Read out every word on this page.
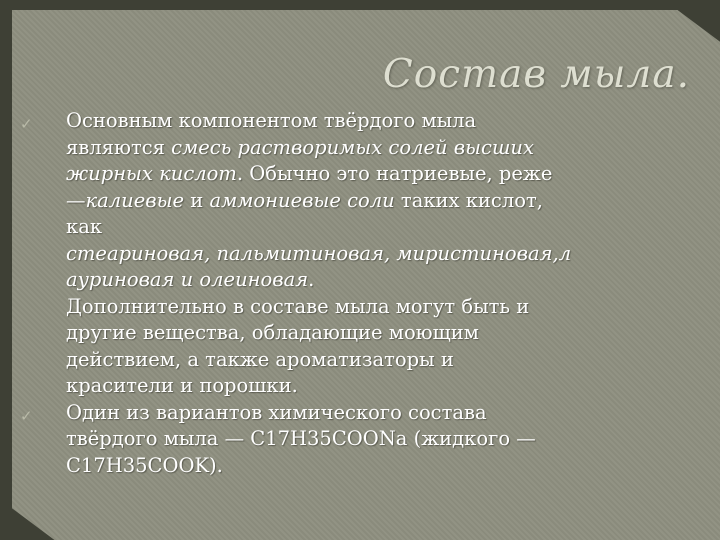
Состав мыла.

✓ Основным компонентом твёрдого мыла
являются смесь растворимых солей высших
жирных кислот. Обычно это натриевые, реже
—калиевые и аммониевые соли таких кислот,
как
стеариновая, пальмитиновая, миристиновая,л
ауриновая и олеиновая.
Дополнительно в составе мыла могут быть и
другие вещества, обладающие моющим
действием, а также ароматизаторы и
красители и порошки.

✓ Один из вариантов химического состава
твёрдого мыла — C17H35COONa (жидкого —
C17H35COOK).
